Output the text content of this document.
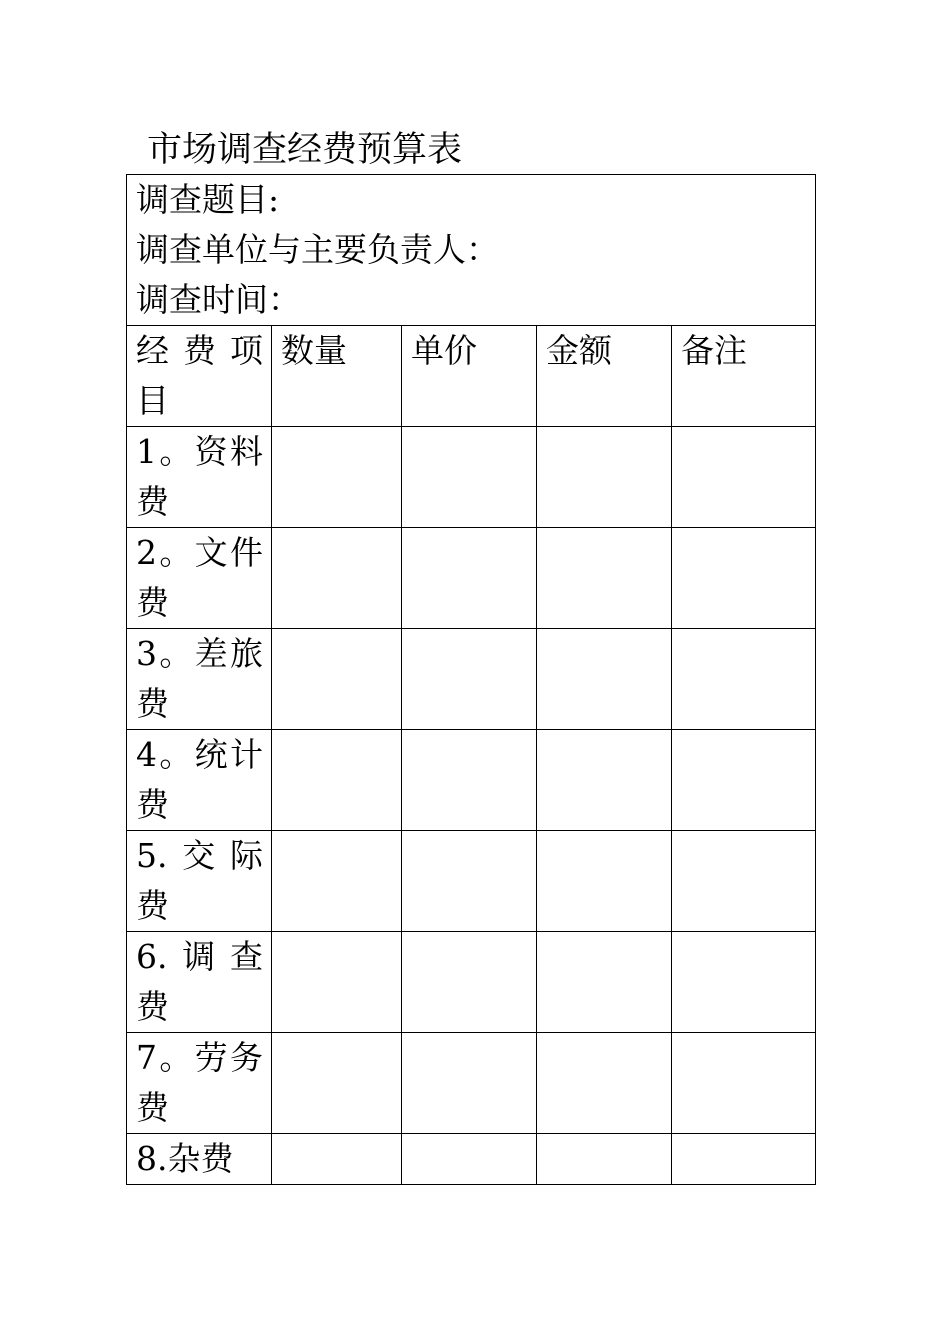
市场调查经费预算表
调查题目:
调查单位与主要负责人：
调查时间：				

经费项目	数量	单价	金额	备注

1。资料费				

2。文件费				

3。差旅费				

4。统计费				

5.交际费				

6.调查费				

7。劳务费				

8.杂费				
